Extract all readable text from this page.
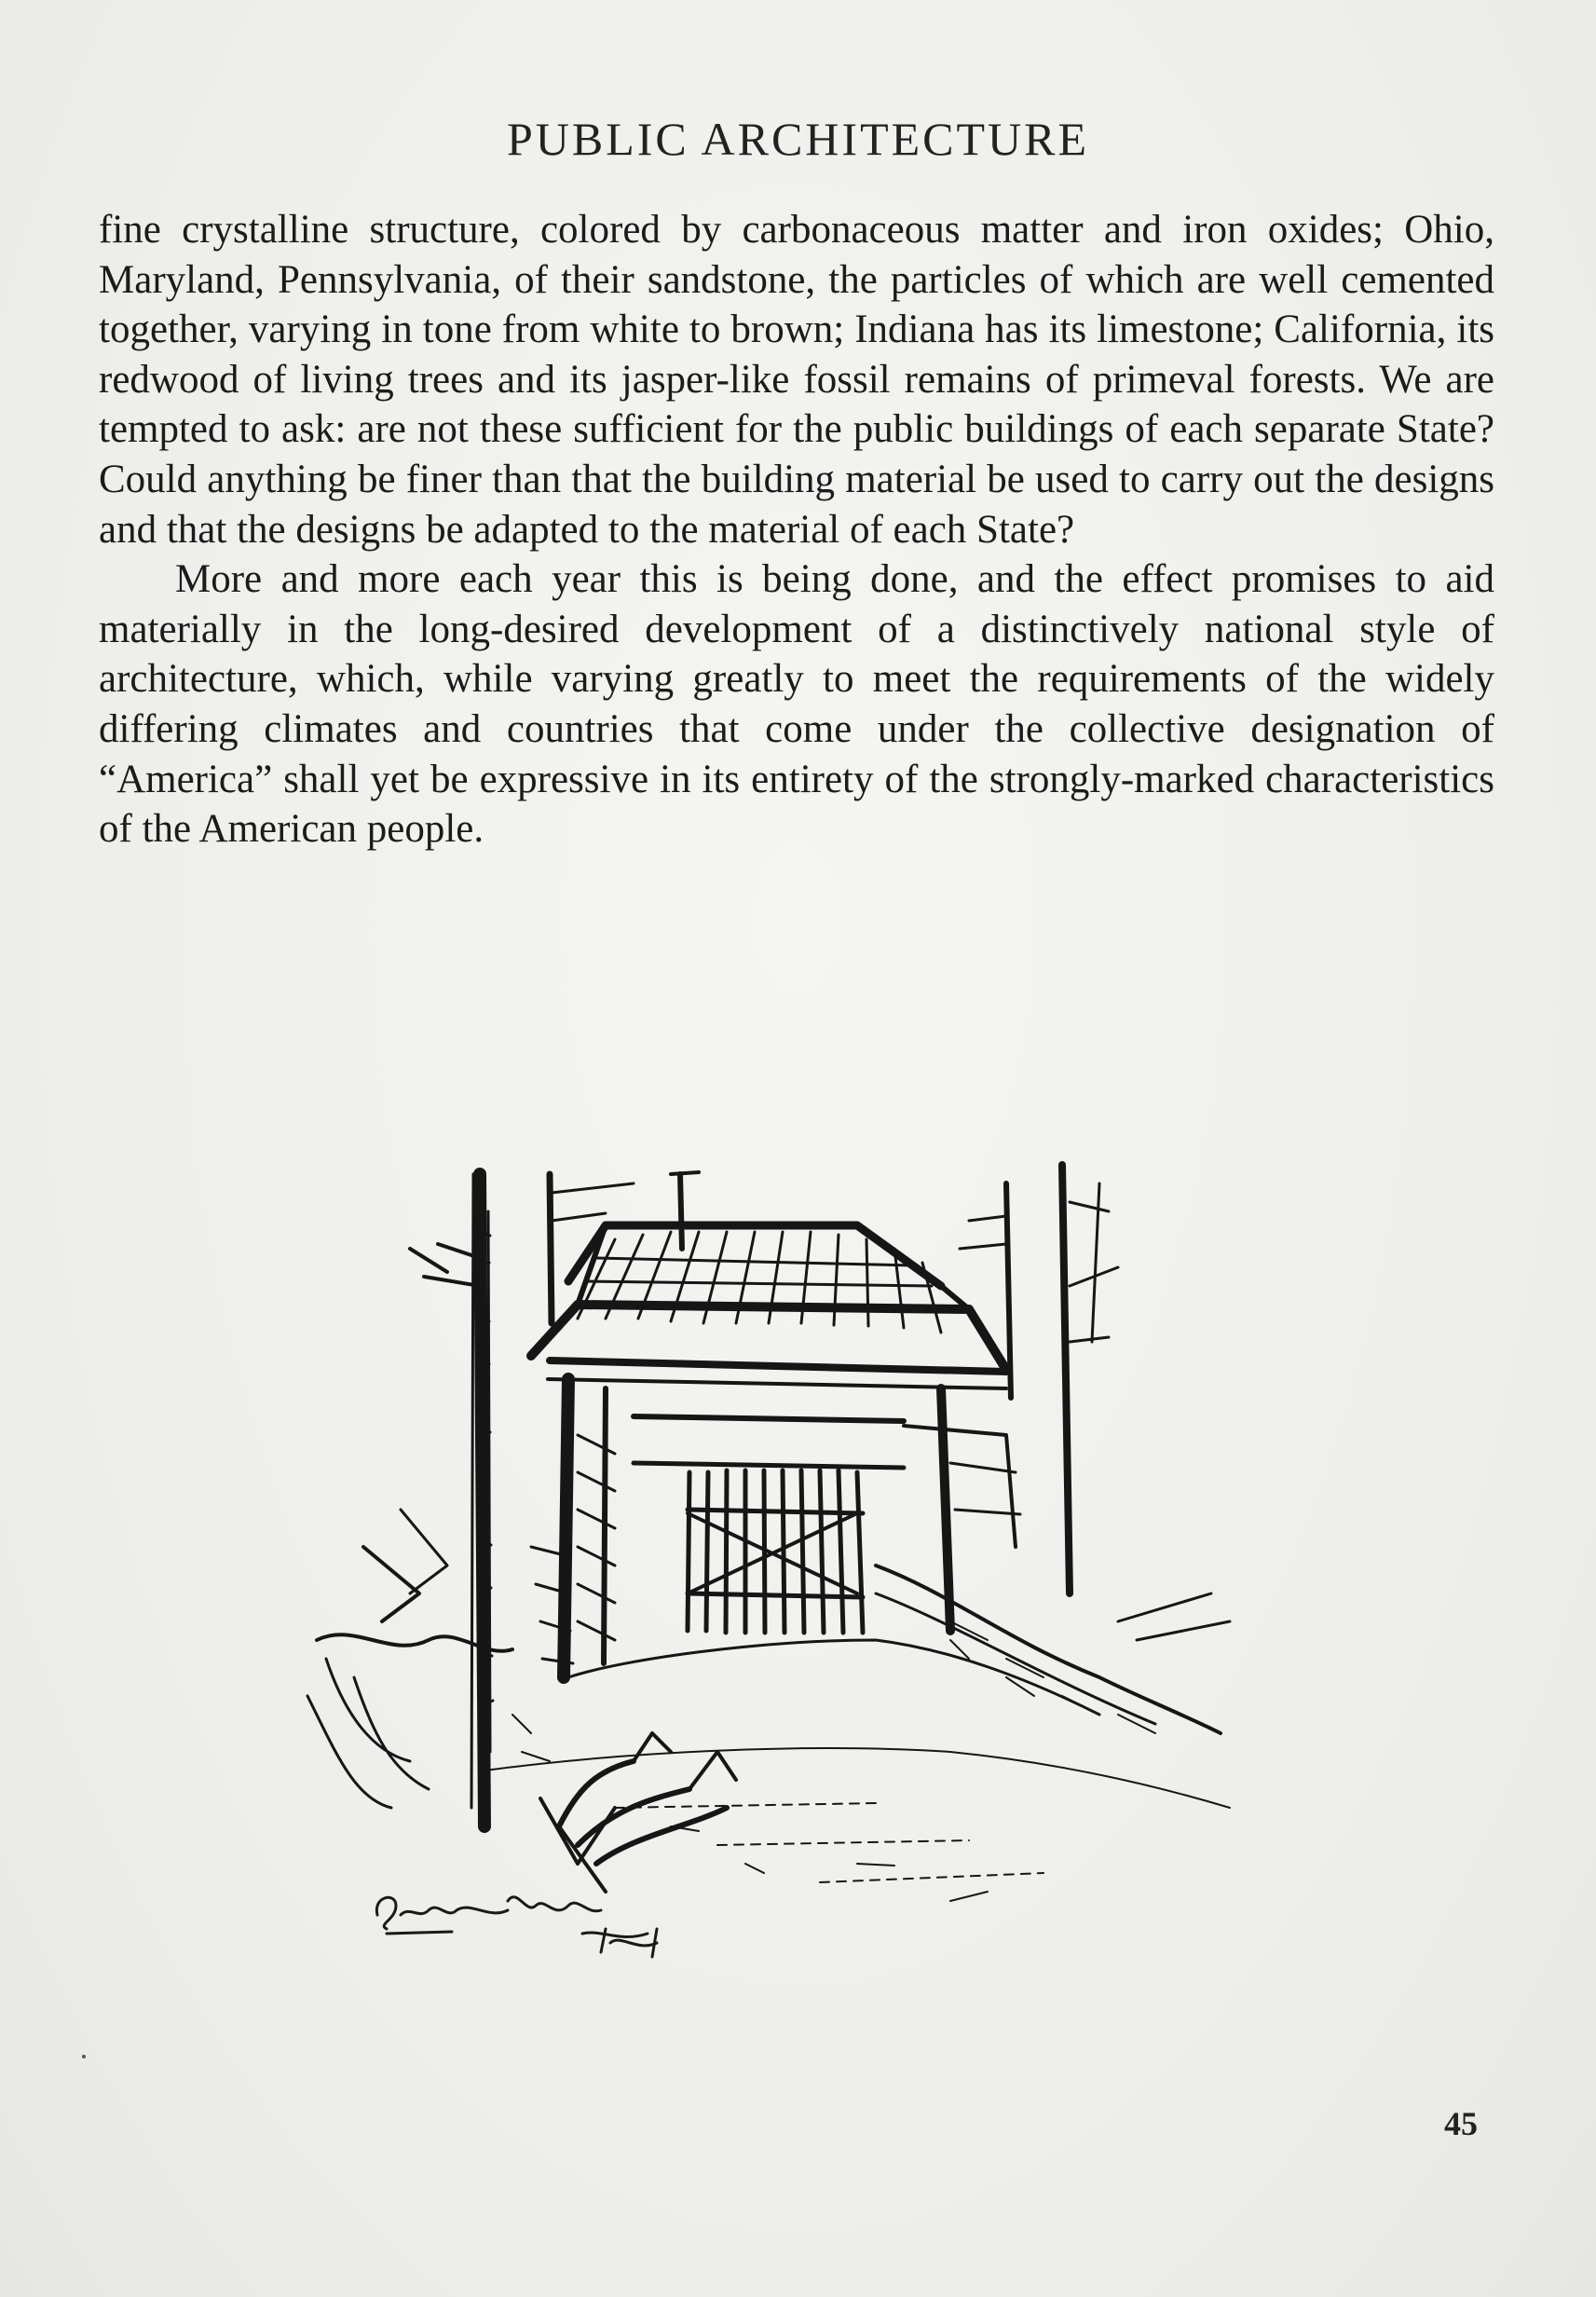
PUBLIC ARCHITECTURE

fine crystalline structure, colored by carbonaceous matter and iron oxides; Ohio, Maryland, Pennsylvania, of their sandstone, the particles of which are well cemented together, varying in tone from white to brown; Indiana has its limestone; California, its redwood of living trees and its jasper-like fossil remains of primeval forests. We are tempted to ask: are not these sufficient for the public buildings of each separate State? Could anything be finer than that the building material be used to carry out the designs and that the designs be adapted to the material of each State?

More and more each year this is being done, and the effect promises to aid materially in the long-desired development of a distinctively national style of architecture, which, while varying greatly to meet the requirements of the widely differing climates and countries that come under the collective designation of “America” shall yet be expressive in its entirety of the strongly-marked characteristics of the American people.

45
